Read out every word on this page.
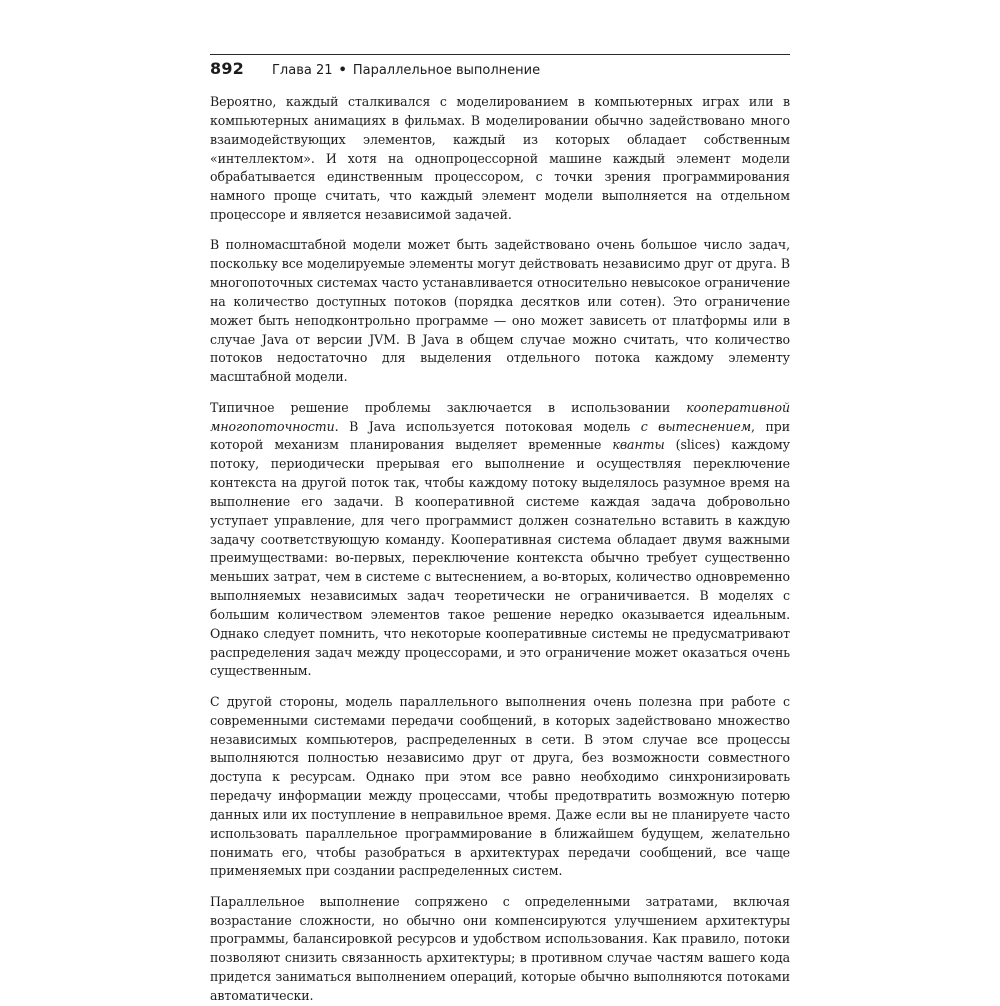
892 Глава 21 • Параллельное выполнение

Вероятно, каждый сталкивался с моделированием в компьютерных играх или в компьютерных анимациях в фильмах. В моделировании обычно задействовано много взаимодействующих элементов, каждый из которых обладает собственным «интеллектом». И хотя на однопроцессорной машине каждый элемент модели обрабатывается единственным процессором, с точки зрения программирования намного проще считать, что каждый элемент модели выполняется на отдельном процессоре и является независимой задачей.

В полномасштабной модели может быть задействовано очень большое число задач, поскольку все моделируемые элементы могут действовать независимо друг от друга. В многопоточных системах часто устанавливается относительно невысокое ограничение на количество доступных потоков (порядка десятков или сотен). Это ограничение может быть неподконтрольно программе — оно может зависеть от платформы или в случае Java от версии JVM. В Java в общем случае можно считать, что количество потоков недостаточно для выделения отдельного потока каждому элементу масштабной модели.

Типичное решение проблемы заключается в использовании кооперативной многопоточности. В Java используется потоковая модель с вытеснением, при которой механизм планирования выделяет временные кванты (slices) каждому потоку, периодически прерывая его выполнение и осуществляя переключение контекста на другой поток так, чтобы каждому потоку выделялось разумное время на выполнение его задачи. В кооперативной системе каждая задача добровольно уступает управление, для чего программист должен сознательно вставить в каждую задачу соответствующую команду. Кооперативная система обладает двумя важными преимуществами: во-первых, переключение контекста обычно требует существенно меньших затрат, чем в системе с вытеснением, а во-вторых, количество одновременно выполняемых независимых задач теоретически не ограничивается. В моделях с большим количеством элементов такое решение нередко оказывается идеальным. Однако следует помнить, что некоторые кооперативные системы не предусматривают распределения задач между процессорами, и это ограничение может оказаться очень существенным.

С другой стороны, модель параллельного выполнения очень полезна при работе с современными системами передачи сообщений, в которых задействовано множество независимых компьютеров, распределенных в сети. В этом случае все процессы выполняются полностью независимо друг от друга, без возможности совместного доступа к ресурсам. Однако при этом все равно необходимо синхронизировать передачу информации между процессами, чтобы предотвратить возможную потерю данных или их поступление в неправильное время. Даже если вы не планируете часто использовать параллельное программирование в ближайшем будущем, желательно понимать его, чтобы разобраться в архитектурах передачи сообщений, все чаще применяемых при создании распределенных систем.

Параллельное выполнение сопряжено с определенными затратами, включая возрастание сложности, но обычно они компенсируются улучшением архитектуры программы, балансировкой ресурсов и удобством использования. Как правило, потоки позволяют снизить связанность архитектуры; в противном случае частям вашего кода придется заниматься выполнением операций, которые обычно выполняются потоками автоматически.
